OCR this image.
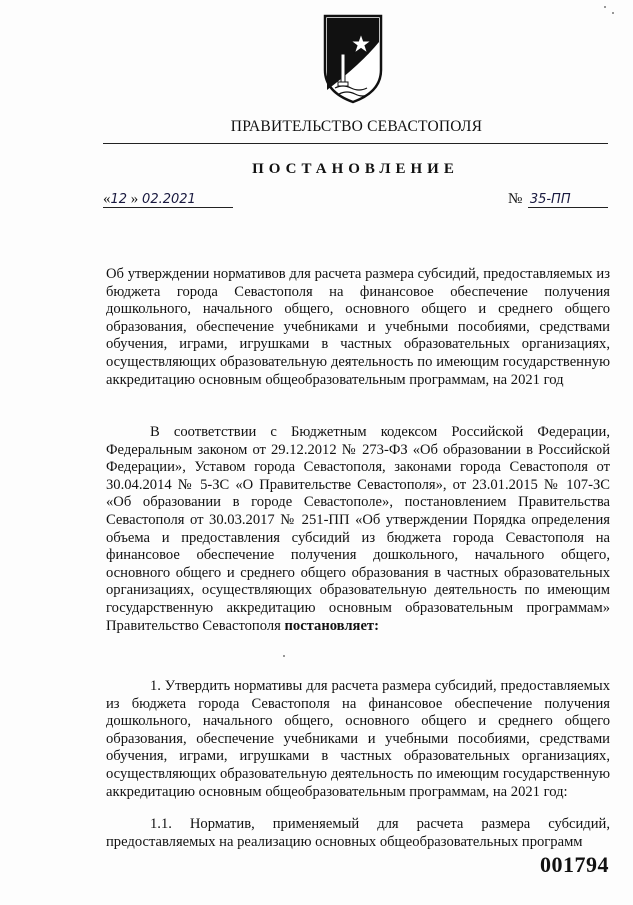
ПРАВИТЕЛЬСТВО СЕВАСТОПОЛЯ
ПОСТАНОВЛЕНИЕ
«12 » 02.2021	№ 35-ПП

Об утверждении нормативов для расчета размера субсидий, предоставляемых из бюджета города Севастополя на финансовое обеспечение получения дошкольного, начального общего, основного общего и среднего общего образования, обеспечение учебниками и учебными пособиями, средствами обучения, играми, игрушками в частных образовательных организациях, осуществляющих образовательную деятельность по имеющим государственную аккредитацию основным общеобразовательным программам, на 2021 год

В соответствии с Бюджетным кодексом Российской Федерации, Федеральным законом от 29.12.2012 № 273-ФЗ «Об образовании в Российской Федерации», Уставом города Севастополя, законами города Севастополя от 30.04.2014 № 5-ЗС «О Правительстве Севастополя», от 23.01.2015 № 107-ЗС «Об образовании в городе Севастополе», постановлением Правительства Севастополя от 30.03.2017 № 251-ПП «Об утверждении Порядка определения объема и предоставления субсидий из бюджета города Севастополя на финансовое обеспечение получения дошкольного, начального общего, основного общего и среднего общего образования в частных образовательных организациях, осуществляющих образовательную деятельность по имеющим государственную аккредитацию основным образовательным программам» Правительство Севастополя постановляет:

1. Утвердить нормативы для расчета размера субсидий, предоставляемых из бюджета города Севастополя на финансовое обеспечение получения дошкольного, начального общего, основного общего и среднего общего образования, обеспечение учебниками и учебными пособиями, средствами обучения, играми, игрушками в частных образовательных организациях, осуществляющих образовательную деятельность по имеющим государственную аккредитацию основным общеобразовательным программам, на 2021 год:

1.1. Норматив, применяемый для расчета размера субсидий, предоставляемых на реализацию основных общеобразовательных программ

001794
